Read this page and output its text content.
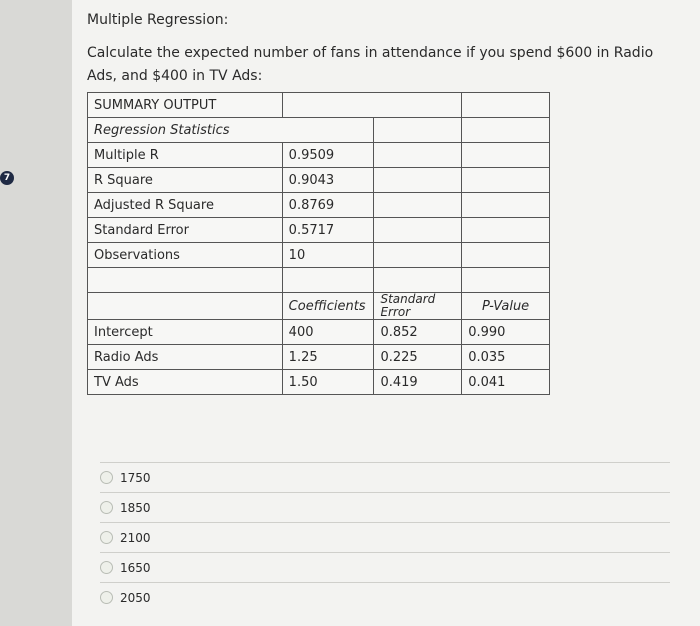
7
Multiple Regression:
Calculate the expected number of fans in attendance if you spend $600 in Radio Ads, and $400 in TV Ads:
SUMMARY OUTPUT			
Regression Statistics			
Multiple R	0.9509		
R Square	0.9043		
Adjusted R Square	0.8769		
Standard Error	0.5717		
Observations	10		

	Coefficients	Standard Error	P-Value
Intercept	400	0.852	0.990
Radio Ads	1.25	0.225	0.035
TV Ads	1.50	0.419	0.041
1750
1850
2100
1650
2050
